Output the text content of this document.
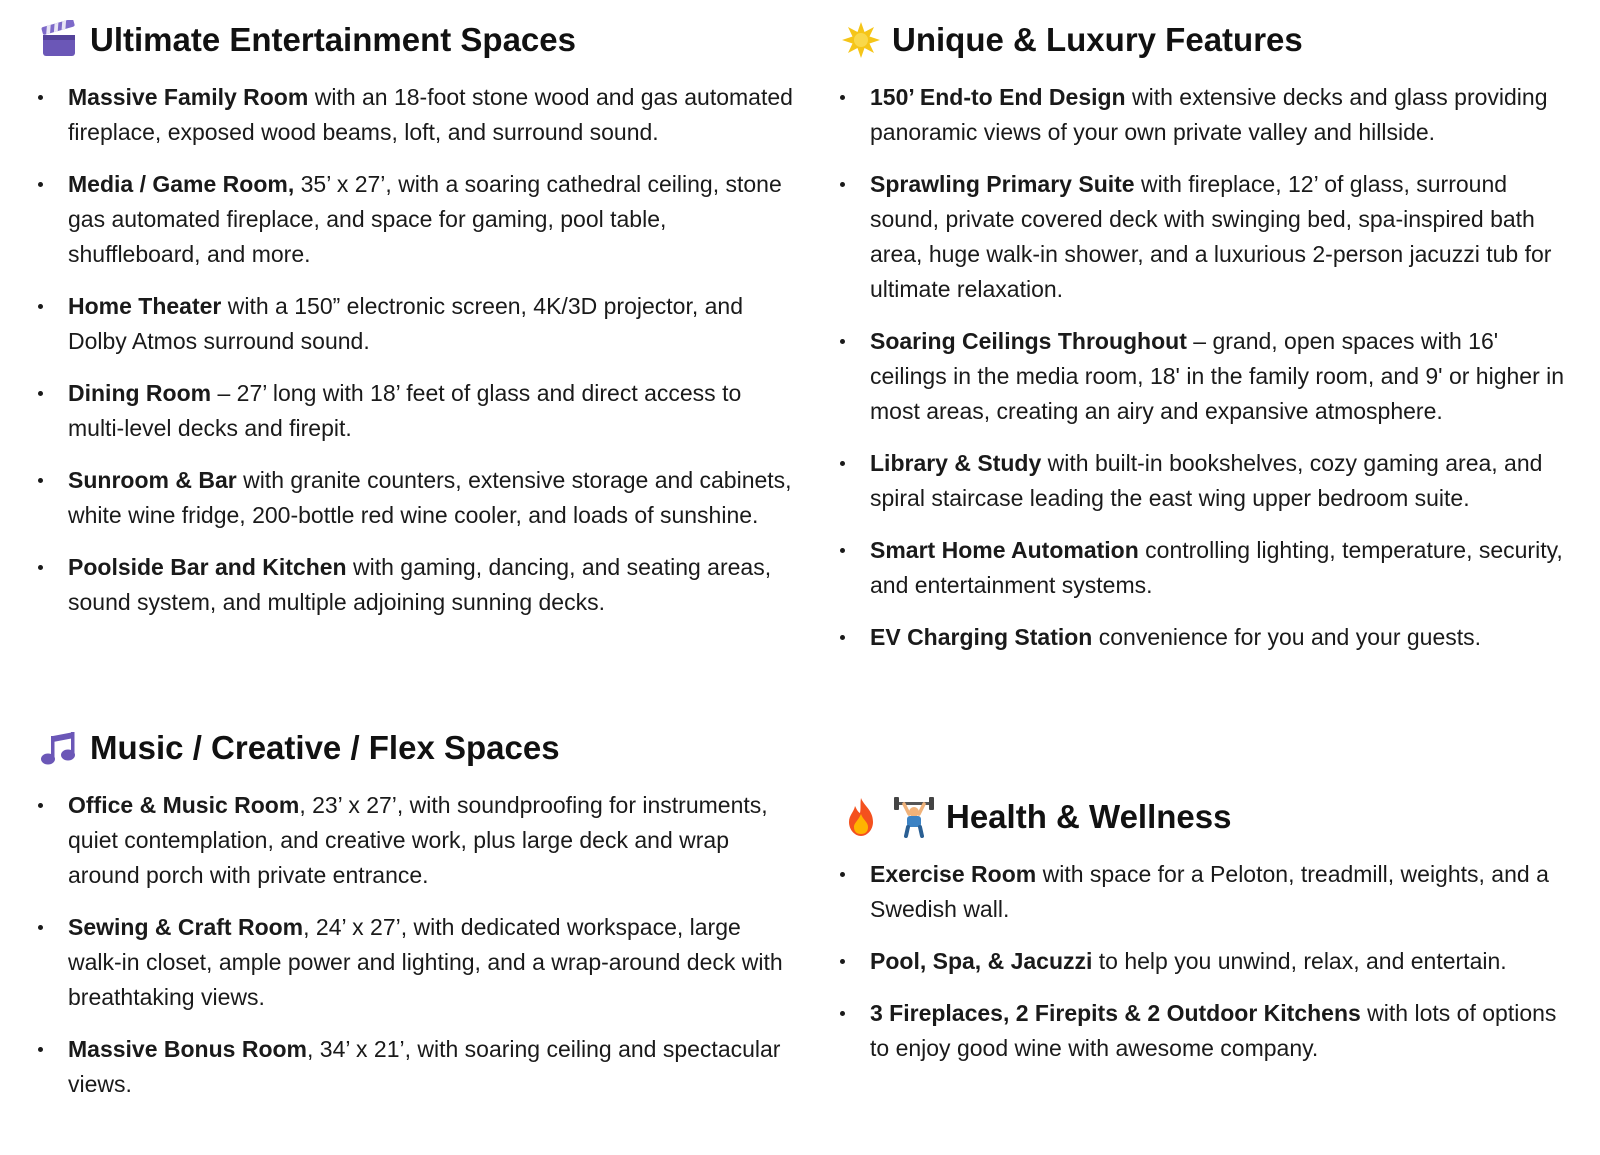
Ultimate Entertainment Spaces
Massive Family Room with an 18-foot stone wood and gas automated fireplace, exposed wood beams, loft, and surround sound.
Media / Game Room, 35’ x 27’, with a soaring cathedral ceiling, stone gas automated fireplace, and space for gaming, pool table, shuffleboard, and more.
Home Theater with a 150” electronic screen, 4K/3D projector, and Dolby Atmos surround sound.
Dining Room – 27’ long with 18’ feet of glass and direct access to multi-level decks and firepit.
Sunroom & Bar with granite counters, extensive storage and cabinets, white wine fridge, 200-bottle red wine cooler, and loads of sunshine.
Poolside Bar and Kitchen with gaming, dancing, and seating areas, sound system, and multiple adjoining sunning decks.
Music / Creative / Flex Spaces
Office & Music Room, 23’ x 27’, with soundproofing for instruments, quiet contemplation, and creative work, plus large deck and wrap around porch with private entrance.
Sewing & Craft Room, 24’ x 27’, with dedicated workspace, large walk-in closet, ample power and lighting, and a wrap-around deck with breathtaking views.
Massive Bonus Room, 34’ x 21’, with soaring ceiling and spectacular views.
Unique & Luxury Features
150’ End-to End Design with extensive decks and glass providing panoramic views of your own private valley and hillside.
Sprawling Primary Suite with fireplace, 12’ of glass, surround sound, private covered deck with swinging bed, spa-inspired bath area, huge walk-in shower, and a luxurious 2-person jacuzzi tub for ultimate relaxation.
Soaring Ceilings Throughout – grand, open spaces with 16' ceilings in the media room, 18' in the family room, and 9' or higher in most areas, creating an airy and expansive atmosphere.
Library & Study with built-in bookshelves, cozy gaming area, and spiral staircase leading the east wing upper bedroom suite.
Smart Home Automation controlling lighting, temperature, security, and entertainment systems.
EV Charging Station convenience for you and your guests.
Health & Wellness
Exercise Room with space for a Peloton, treadmill, weights, and a Swedish wall.
Pool, Spa, & Jacuzzi to help you unwind, relax, and entertain.
3 Fireplaces, 2 Firepits & 2 Outdoor Kitchens with lots of options to enjoy good wine with awesome company.
